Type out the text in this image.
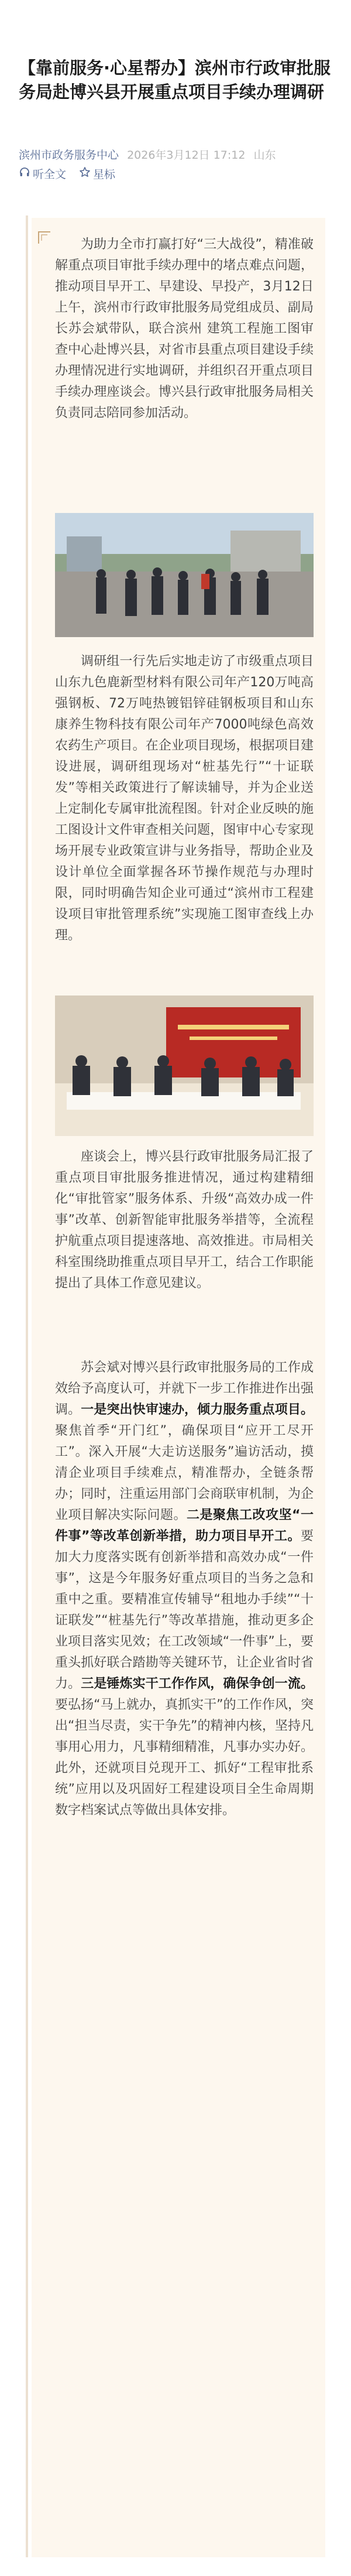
【靠前服务·心星帮办】滨州市行政审批服务局赴博兴县开展重点项目手续办理调研
滨州市政务服务中心 2026年3月12日 17:12 山东
听全文 星标
为助力全市打赢打好“三大战役”，精准破解重点项目审批手续办理中的堵点难点问题，推动项目早开工、早建设、早投产，3月12日上午，滨州市行政审批服务局党组成员、副局长苏会斌带队，联合滨州 建筑工程施工图审查中心赴博兴县，对省市县重点项目建设手续办理情况进行实地调研，并组织召开重点项目手续办理座谈会。博兴县行政审批服务局相关负责同志陪同参加活动。
调研组一行先后实地走访了市级重点项目山东九色鹿新型材料有限公司年产120万吨高强钢板、72万吨热镀铝锌硅钢板项目和山东康养生物科技有限公司年产7000吨绿色高效农药生产项目。在企业项目现场，根据项目建设进展，调研组现场对“桩基先行”“十证联发”等相关政策进行了解读辅导，并为企业送上定制化专属审批流程图。针对企业反映的施工图设计文件审查相关问题，图审中心专家现场开展专业政策宣讲与业务指导，帮助企业及设计单位全面掌握各环节操作规范与办理时限，同时明确告知企业可通过“滨州市工程建设项目审批管理系统”实现施工图审查线上办理。
座谈会上，博兴县行政审批服务局汇报了重点项目审批服务推进情况，通过构建精细化“审批管家”服务体系、升级“高效办成一件事”改革、创新智能审批服务举措等，全流程护航重点项目提速落地、高效推进。市局相关科室围绕助推重点项目早开工，结合工作职能提出了具体工作意见建议。
苏会斌对博兴县行政审批服务局的工作成效给予高度认可，并就下一步工作推进作出强调。一是突出快审速办，倾力服务重点项目。聚焦首季“开门红”，确保项目“应开工尽开工”。深入开展“大走访送服务”遍访活动，摸清企业项目手续难点，精准帮办，全链条帮办；同时，注重运用部门会商联审机制，为企业项目解决实际问题。二是聚焦工改攻坚“一件事”等改革创新举措，助力项目早开工。要加大力度落实既有创新举措和高效办成“一件事”，这是今年服务好重点项目的当务之急和重中之重。要精准宣传辅导“租地办手续”“十证联发”“桩基先行”等改革措施，推动更多企业项目落实见效；在工改领域“一件事”上，要重头抓好联合踏勘等关键环节，让企业省时省力。三是锤炼实干工作作风，确保争创一流。要弘扬“马上就办，真抓实干”的工作作风，突出“担当尽责，实干争先”的精神内核，坚持凡事用心用力，凡事精细精准，凡事办实办好。此外，还就项目兑现开工、抓好“工程审批系统”应用以及巩固好工程建设项目全生命周期数字档案试点等做出具体安排。
